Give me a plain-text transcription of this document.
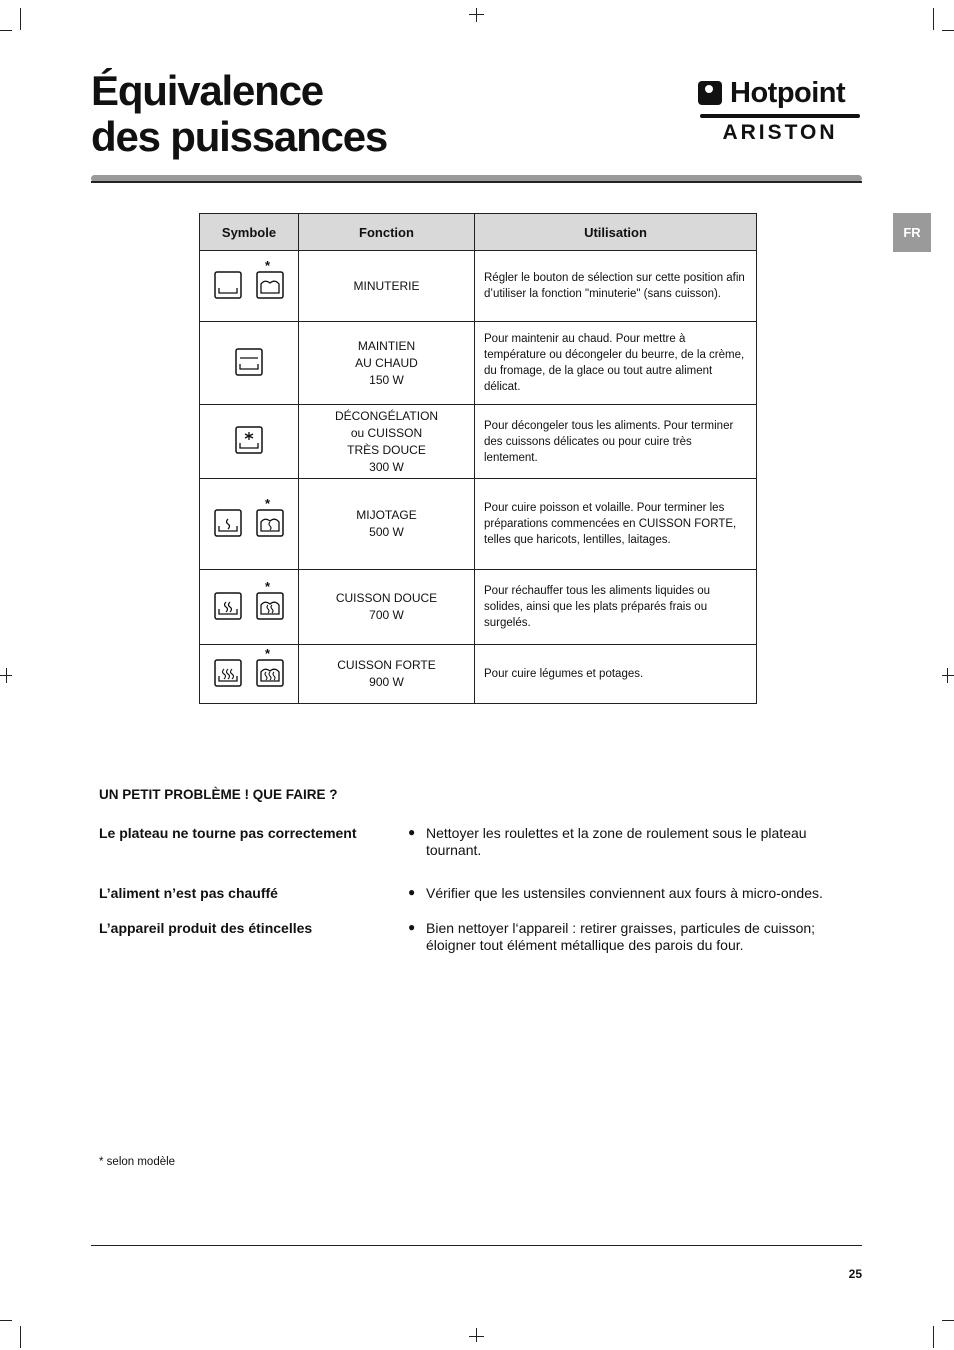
Équivalence
des puissances
Hotpoint
ARISTON
FR
Symbole	Fonction	Utilisation

*	MINUTERIE	Régler le bouton de sélection sur cette position afin d’utiliser la fonction "minuterie" (sans cuisson).

MAINTIEN
AU CHAUD
150 W	Pour maintenir au chaud. Pour mettre à température ou décongeler du beurre, de la crème, du fromage, de la glace ou tout autre aliment délicat.

DÉCONGÉLATION
ou CUISSON
TRÈS DOUCE
300 W	Pour décongeler tous les aliments. Pour terminer des cuissons délicates ou pour cuire très lentement.

*	MIJOTAGE
500 W	Pour cuire poisson et volaille. Pour terminer les préparations commencées en CUISSON FORTE, telles que haricots, lentilles, laitages.

*	CUISSON DOUCE
700 W	Pour réchauffer tous les aliments liquides ou solides, ainsi que les plats préparés frais ou surgelés.

*	CUISSON FORTE
900 W	Pour cuire légumes et potages.
UN PETIT PROBLÈME ! QUE FAIRE ?
Le plateau ne tourne pas correctement	● Nettoyer les roulettes et la zone de roulement sous le plateau tournant.
L’aliment n’est pas chauffé	● Vérifier que les ustensiles conviennent aux fours à micro-ondes.
L’appareil produit des étincelles	● Bien nettoyer l‘appareil : retirer graisses, particules de cuisson; éloigner tout élément métallique des parois du four.
* selon modèle
25
